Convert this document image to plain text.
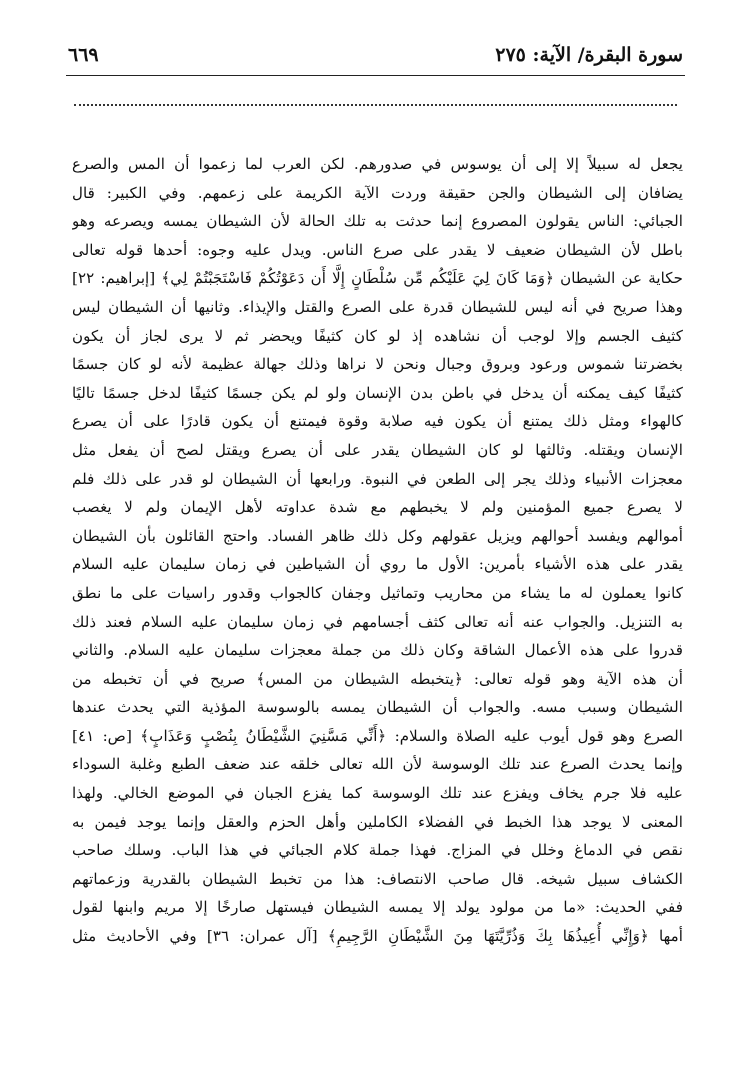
سورة البقرة/ الآية: ٢٧٥
٦٦٩
يجعل له سبيلاً إلا إلى أن يوسوس في صدورهم. لكن العرب لما زعموا أن المس والصرع
يضافان إلى الشيطان والجن حقيقة وردت الآية الكريمة على زعمهم. وفي الكبير: قال
الجبائي: الناس يقولون المصروع إنما حدثت به تلك الحالة لأن الشيطان يمسه ويصرعه وهو
باطل لأن الشيطان ضعيف لا يقدر على صرع الناس. ويدل عليه وجوه: أحدها قوله تعالى
حكاية عن الشيطان ﴿وَمَا كَانَ لِيَ عَلَيْكُم مِّن سُلْطَانٍ إِلَّا أَن دَعَوْتُكُمْ فَاسْتَجَبْتُمْ لِي﴾ [إبراهيم: ٢٢]
وهذا صريح في أنه ليس للشيطان قدرة على الصرع والقتل والإيذاء. وثانيها أن الشيطان ليس
كثيف الجسم وإلا لوجب أن نشاهده إذ لو كان كثيفًا ويحضر ثم لا يرى لجاز أن يكون
بخضرتنا شموس ورعود وبروق وجبال ونحن لا نراها وذلك جهالة عظيمة لأنه لو كان جسمًا
كثيفًا كيف يمكنه أن يدخل في باطن بدن الإنسان ولو لم يكن جسمًا كثيفًا لدخل جسمًا تاليًا
كالهواء ومثل ذلك يمتنع أن يكون فيه صلابة وقوة فيمتنع أن يكون قادرًا على أن يصرع
الإنسان ويقتله. وثالثها لو كان الشيطان يقدر على أن يصرع ويقتل لصح أن يفعل مثل
معجزات الأنبياء وذلك يجر إلى الطعن في النبوة. ورابعها أن الشيطان لو قدر على ذلك فلم
لا يصرع جميع المؤمنين ولم لا يخبطهم مع شدة عداوته لأهل الإيمان ولم لا يغصب
أموالهم ويفسد أحوالهم ويزيل عقولهم وكل ذلك ظاهر الفساد. واحتج القائلون بأن الشيطان
يقدر على هذه الأشياء بأمرين: الأول ما روي أن الشياطين في زمان سليمان عليه السلام
كانوا يعملون له ما يشاء من محاريب وتماثيل وجفان كالجواب وقدور راسيات على ما نطق
به التنزيل. والجواب عنه أنه تعالى كثف أجسامهم في زمان سليمان عليه السلام فعند ذلك
قدروا على هذه الأعمال الشاقة وكان ذلك من جملة معجزات سليمان عليه السلام. والثاني
أن هذه الآية وهو قوله تعالى: ﴿يتخبطه الشيطان من المس﴾ صريح في أن تخبطه من
الشيطان وسبب مسه. والجواب أن الشيطان يمسه بالوسوسة المؤذية التي يحدث عندها
الصرع وهو قول أيوب عليه الصلاة والسلام: ﴿أَنِّي مَسَّنِيَ الشَّيْطَانُ بِنُصْبٍ وَعَذَابٍ﴾ [ص: ٤١]
وإنما يحدث الصرع عند تلك الوسوسة لأن الله تعالى خلقه عند ضعف الطبع وغلبة السوداء
عليه فلا جرم يخاف ويفزع عند تلك الوسوسة كما يفزع الجبان في الموضع الخالي. ولهذا
المعنى لا يوجد هذا الخبط في الفضلاء الكاملين وأهل الحزم والعقل وإنما يوجد فيمن به
نقص في الدماغ وخلل في المزاج. فهذا جملة كلام الجبائي في هذا الباب. وسلك صاحب
الكشاف سبيل شيخه. قال صاحب الانتصاف: هذا من تخبط الشيطان بالقدرية وزعماتهم
ففي الحديث: «ما من مولود يولد إلا يمسه الشيطان فيستهل صارخًا إلا مريم وابنها لقول
أمها ﴿وَإِنِّي أُعِيذُهَا بِكَ وَذُرِّيَّتَهَا مِنَ الشَّيْطَانِ الرَّجِيمِ﴾ [آل عمران: ٣٦] وفي الأحاديث مثل
